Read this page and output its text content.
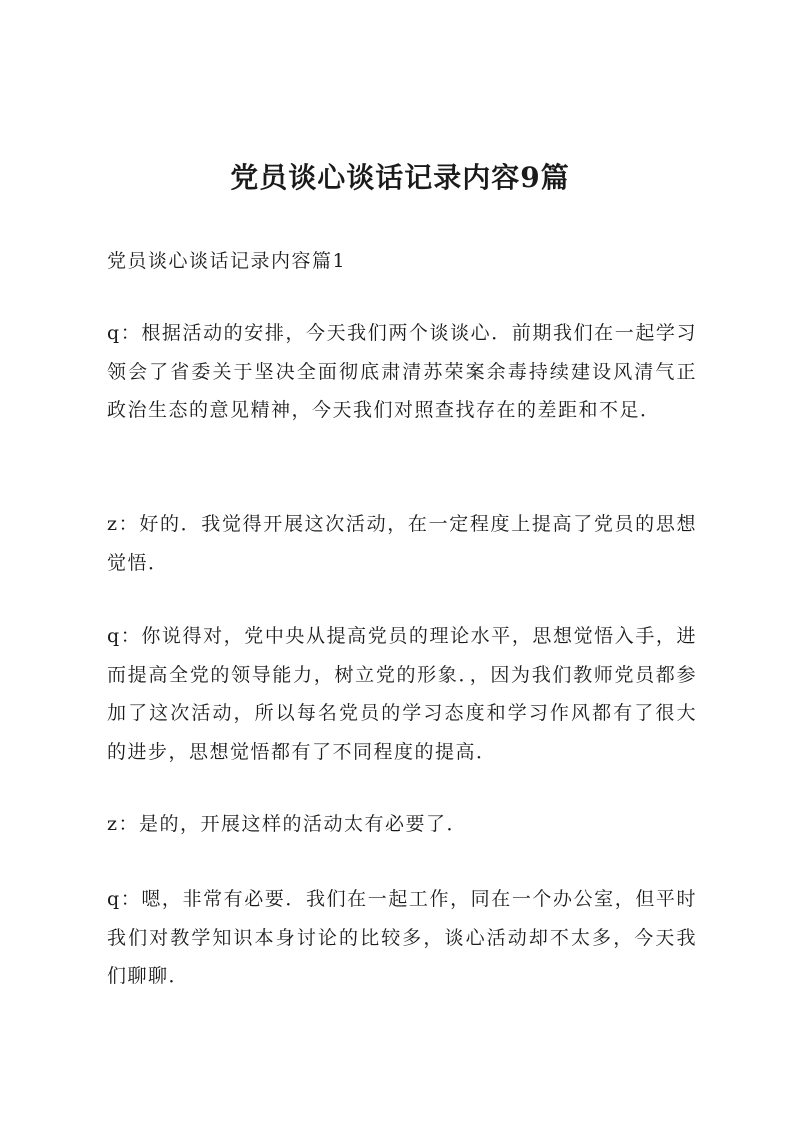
党员谈心谈话记录内容9篇

党员谈心谈话记录内容篇1

q：根据活动的安排，今天我们两个谈谈心．前期我们在一起学习领会了省委关于坚决全面彻底肃清苏荣案余毒持续建设风清气正政治生态的意见精神，今天我们对照查找存在的差距和不足．

z：好的．我觉得开展这次活动，在一定程度上提高了党员的思想觉悟．

q：你说得对，党中央从提高党员的理论水平，思想觉悟入手，进而提高全党的领导能力，树立党的形象．，因为我们教师党员都参加了这次活动，所以每名党员的学习态度和学习作风都有了很大的进步，思想觉悟都有了不同程度的提高．

z：是的，开展这样的活动太有必要了．

q：嗯，非常有必要．我们在一起工作，同在一个办公室，但平时我们对教学知识本身讨论的比较多，谈心活动却不太多，今天我们聊聊．
